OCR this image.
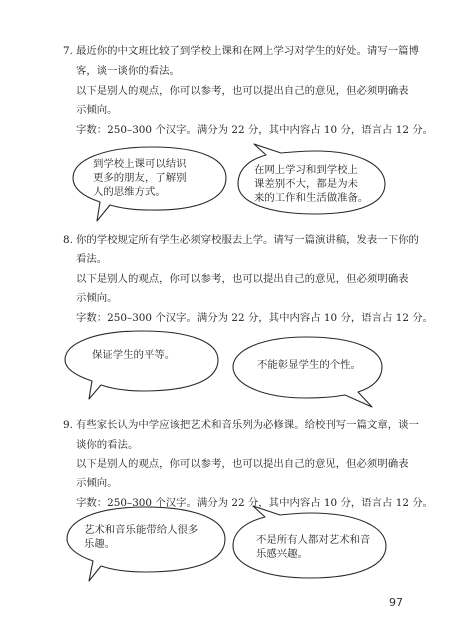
7. 最近你的中文班比较了到学校上课和在网上学习对学生的好处。请写一篇博
客，谈一谈你的看法。
以下是别人的观点，你可以参考，也可以提出自己的意见，但必须明确表
示倾向。
字数：250–300 个汉字。满分为 22 分，其中内容占 10 分，语言占 12 分。
到学校上课可以结识
更多的朋友，了解别
人的思维方式。
在网上学习和到学校上
课差别不大，都是为未
来的工作和生活做准备。
8. 你的学校规定所有学生必须穿校服去上学。请写一篇演讲稿，发表一下你的
看法。
以下是别人的观点，你可以参考，也可以提出自己的意见，但必须明确表
示倾向。
字数：250–300 个汉字。满分为 22 分，其中内容占 10 分，语言占 12 分。
保证学生的平等。
不能彰显学生的个性。
9. 有些家长认为中学应该把艺术和音乐列为必修课。给校刊写一篇文章，谈一
谈你的看法。
以下是别人的观点，你可以参考，也可以提出自己的意见，但必须明确表
示倾向。
字数：250–300 个汉字。满分为 22 分，其中内容占 10 分，语言占 12 分。
艺术和音乐能带给人很多
乐趣。	不是所有人都对艺术和音
乐感兴趣。
97
